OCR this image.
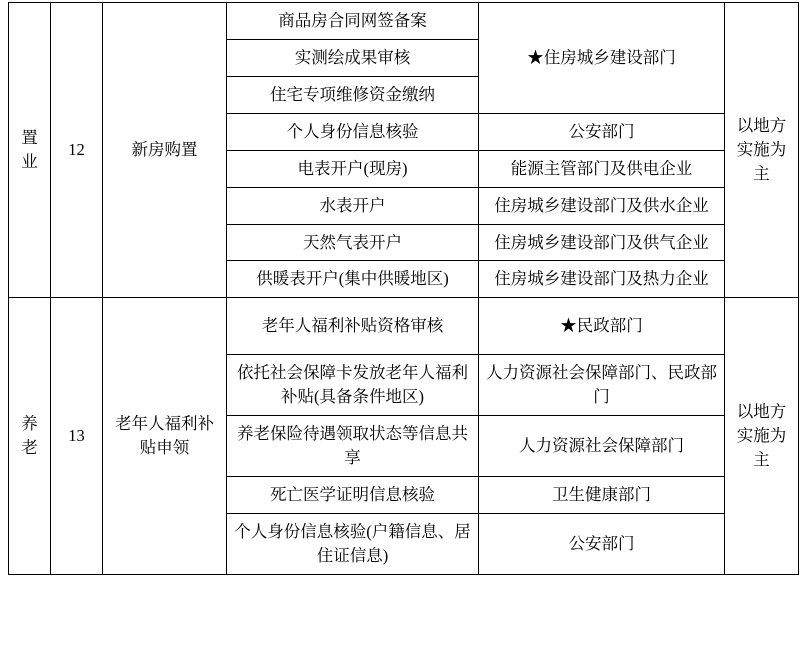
置业	12	新房购置	商品房合同网签备案	★住房城乡建设部门	以地方实施为主
			实测绘成果审核		
			住宅专项维修资金缴纳		
			个人身份信息核验	公安部门	
			电表开户(现房)	能源主管部门及供电企业	
			水表开户	住房城乡建设部门及供水企业	
			天然气表开户	住房城乡建设部门及供气企业	
			供暖表开户(集中供暖地区)	住房城乡建设部门及热力企业	

养老	13	老年人福利补贴申领	老年人福利补贴资格审核	★民政部门	以地方实施为主
			依托社会保障卡发放老年人福利补贴(具备条件地区)	人力资源社会保障部门、民政部门	
			养老保险待遇领取状态等信息共享	人力资源社会保障部门	
			死亡医学证明信息核验	卫生健康部门	
			个人身份信息核验(户籍信息、居住证信息)	公安部门	
